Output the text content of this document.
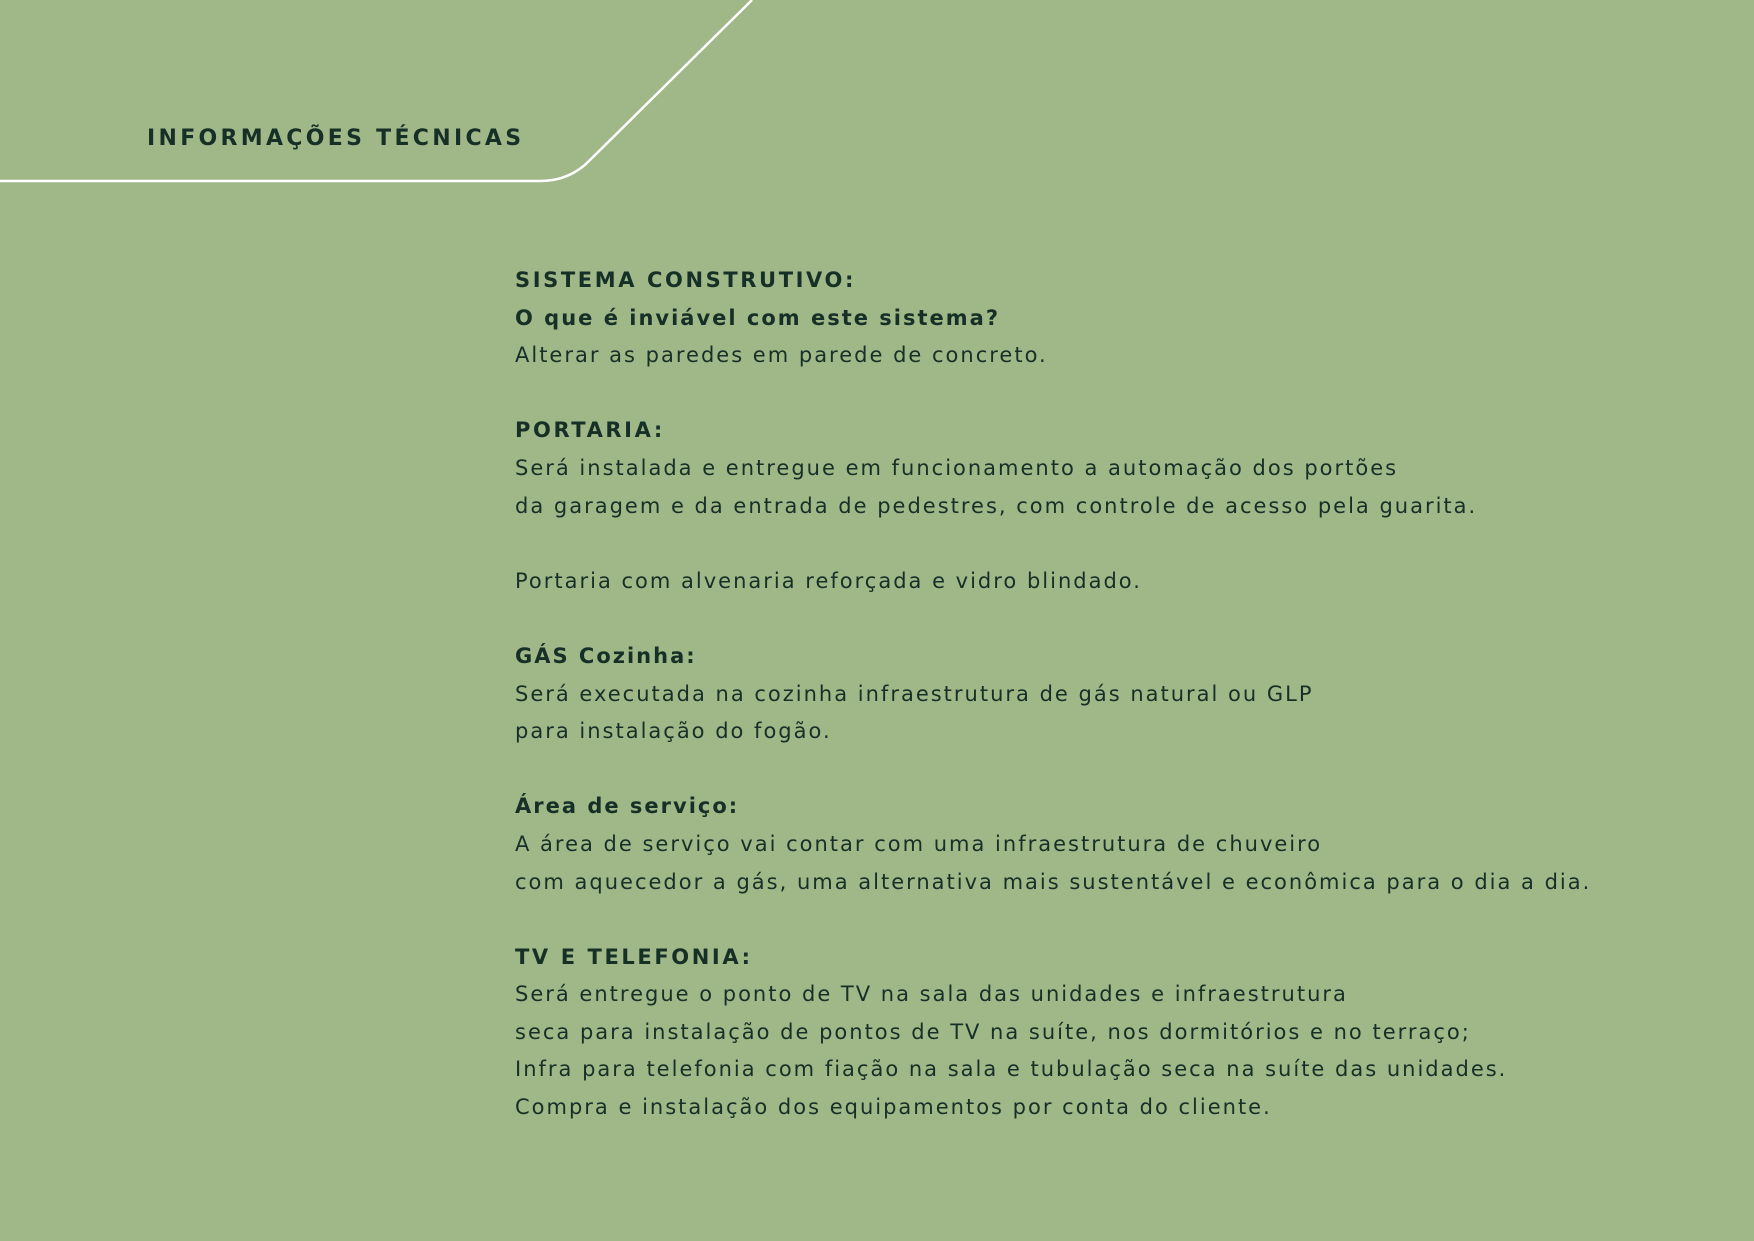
INFORMAÇÕES TÉCNICAS
SISTEMA CONSTRUTIVO:
O que é inviável com este sistema?
Alterar as paredes em parede de concreto.
PORTARIA:
Será instalada e entregue em funcionamento a automação dos portões
da garagem e da entrada de pedestres, com controle de acesso pela guarita.
Portaria com alvenaria reforçada e vidro blindado.
GÁS Cozinha:
Será executada na cozinha infraestrutura de gás natural ou GLP
para instalação do fogão.
Área de serviço:
A área de serviço vai contar com uma infraestrutura de chuveiro
com aquecedor a gás, uma alternativa mais sustentável e econômica para o dia a dia.
TV E TELEFONIA:
Será entregue o ponto de TV na sala das unidades e infraestrutura
seca para instalação de pontos de TV na suíte, nos dormitórios e no terraço;
Infra para telefonia com fiação na sala e tubulação seca na suíte das unidades.
Compra e instalação dos equipamentos por conta do cliente.
